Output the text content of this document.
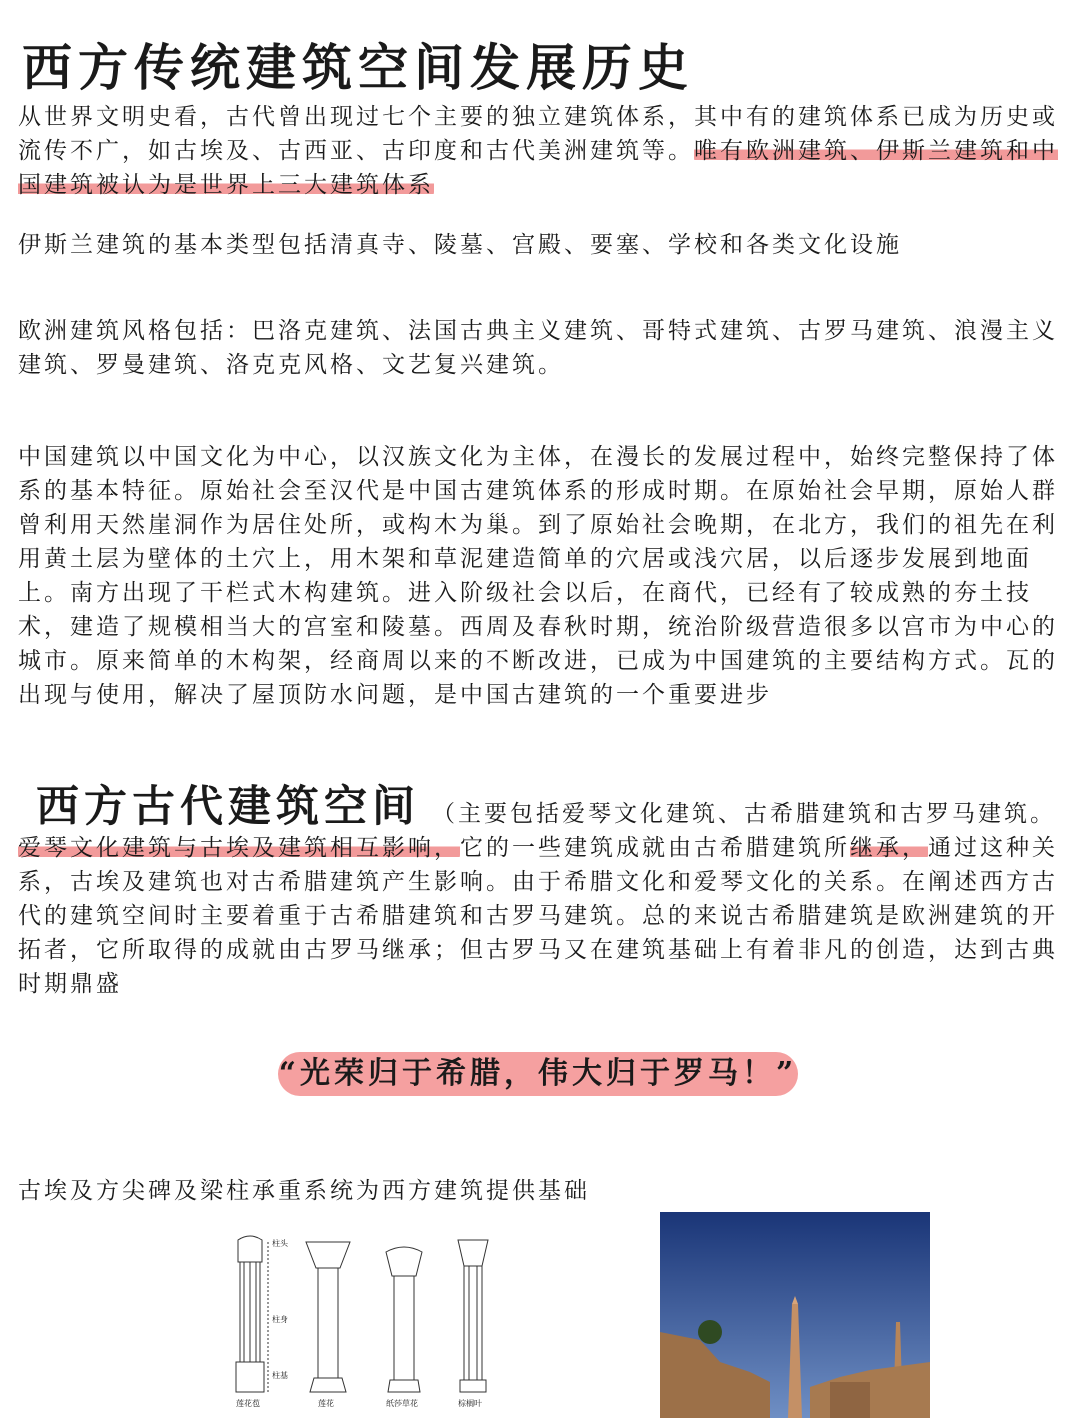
西方传统建筑空间发展历史

从世界文明史看，古代曾出现过七个主要的独立建筑体系，其中有的建筑体系已成为历史或流传不广，如古埃及、古西亚、古印度和古代美洲建筑等。唯有欧洲建筑、伊斯兰建筑和中国建筑被认为是世界上三大建筑体系

伊斯兰建筑的基本类型包括清真寺、陵墓、宫殿、要塞、学校和各类文化设施

欧洲建筑风格包括：巴洛克建筑、法国古典主义建筑、哥特式建筑、古罗马建筑、浪漫主义建筑、罗曼建筑、洛克克风格、文艺复兴建筑。

中国建筑以中国文化为中心，以汉族文化为主体，在漫长的发展过程中，始终完整保持了体系的基本特征。原始社会至汉代是中国古建筑体系的形成时期。在原始社会早期，原始人群曾利用天然崖洞作为居住处所，或构木为巢。到了原始社会晚期，在北方，我们的祖先在利用黄土层为壁体的土穴上，用木架和草泥建造简单的穴居或浅穴居，以后逐步发展到地面上。南方出现了干栏式木构建筑。进入阶级社会以后，在商代，已经有了较成熟的夯土技术，建造了规模相当大的宫室和陵墓。西周及春秋时期，统治阶级营造很多以宫市为中心的城市。原来简单的木构架，经商周以来的不断改进，已成为中国建筑的主要结构方式。瓦的出现与使用，解决了屋顶防水问题，是中国古建筑的一个重要进步

西方古代建筑空间 （主要包括爱琴文化建筑、古希腊建筑和古罗马建筑。爱琴文化建筑与古埃及建筑相互影响，它的一些建筑成就由古希腊建筑所继承，通过这种关系，古埃及建筑也对古希腊建筑产生影响。由于希腊文化和爱琴文化的关系。在阐述西方古代的建筑空间时主要着重于古希腊建筑和古罗马建筑。总的来说古希腊建筑是欧洲建筑的开拓者，它所取得的成就由古罗马继承；但古罗马又在建筑基础上有着非凡的创造，达到古典时期鼎盛

“光荣归于希腊，伟大归于罗马！”
古埃及方尖碑及梁柱承重系统为西方建筑提供基础
柱头
柱身
柱基
莲花苞	莲花	纸莎草花	棕榈叶
